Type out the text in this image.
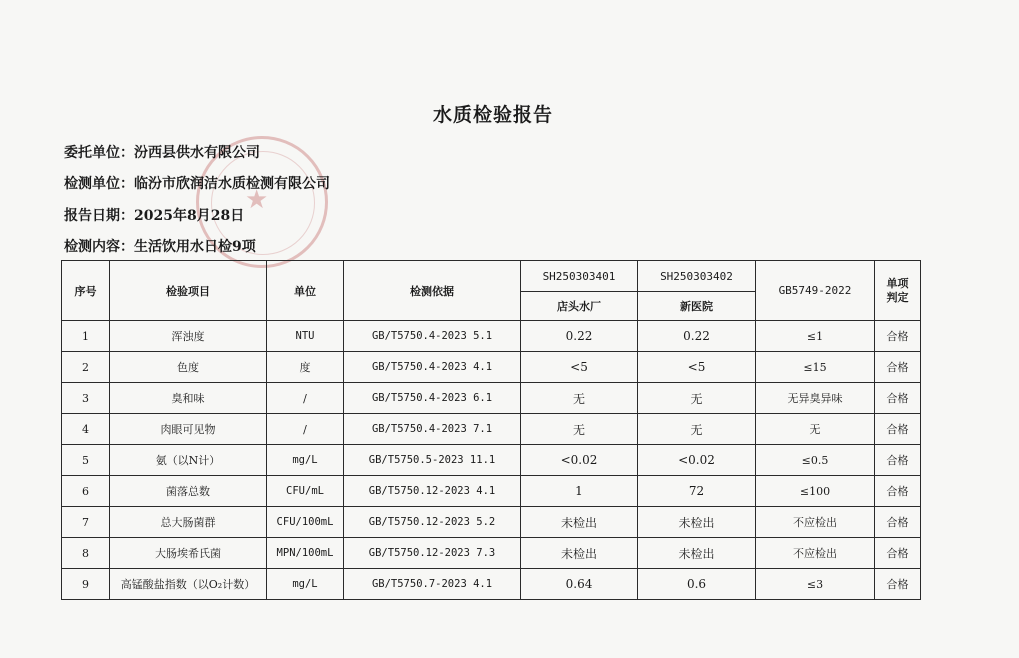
★
水质检验报告
委托单位：汾西县供水有限公司
检测单位：临汾市欣润洁水质检测有限公司
报告日期：2025年8月28日
检测内容：生活饮用水日检9项
序号	检验项目	单位	检测依据	SH250303401	SH250303402	GB5749-2022	单项判定
				店头水厂	新医院		
1	浑浊度	NTU	GB/T5750.4-2023 5.1	0.22	0.22	≤1	合格
2	色度	度	GB/T5750.4-2023 4.1	<5	<5	≤15	合格
3	臭和味	/	GB/T5750.4-2023 6.1	无	无	无异臭异味	合格
4	肉眼可见物	/	GB/T5750.4-2023 7.1	无	无	无	合格
5	氨（以N计）	mg/L	GB/T5750.5-2023 11.1	<0.02	<0.02	≤0.5	合格
6	菌落总数	CFU/mL	GB/T5750.12-2023 4.1	1	72	≤100	合格
7	总大肠菌群	CFU/100mL	GB/T5750.12-2023 5.2	未检出	未检出	不应检出	合格
8	大肠埃希氏菌	MPN/100mL	GB/T5750.12-2023 7.3	未检出	未检出	不应检出	合格
9	高锰酸盐指数（以O₂计数）	mg/L	GB/T5750.7-2023 4.1	0.64	0.6	≤3	合格
